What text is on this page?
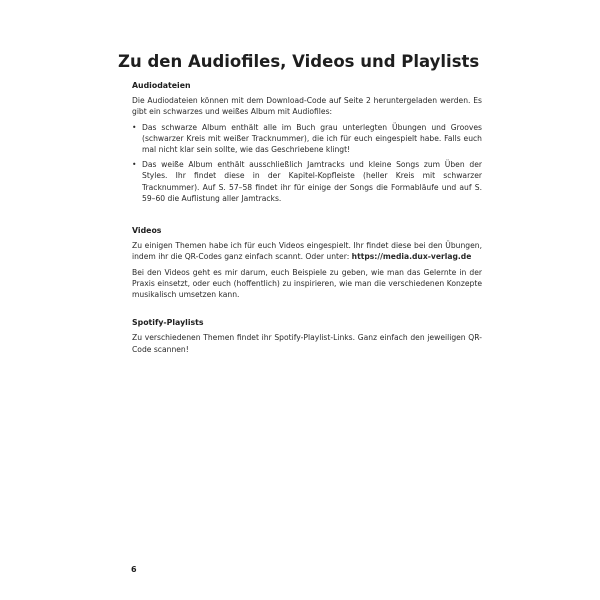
Zu den Audiofiles, Videos und Playlists
Audiodateien

Die Audiodateien können mit dem Download-Code auf Seite 2 heruntergeladen werden. Es gibt ein schwarzes und weißes Album mit Audiofiles:

• Das schwarze Album enthält alle im Buch grau unterlegten Übungen und Grooves (schwarzer Kreis mit weißer Tracknummer), die ich für euch eingespielt habe. Falls euch mal nicht klar sein sollte, wie das Geschriebene klingt!
• Das weiße Album enthält ausschließlich Jamtracks und kleine Songs zum Üben der Styles. Ihr findet diese in der Kapitel-Kopfleiste (heller Kreis mit schwarzer Tracknummer). Auf S. 57–58 findet ihr für einige der Songs die Formabläufe und auf S. 59–60 die Auflistung aller Jamtracks.
Videos

Zu einigen Themen habe ich für euch Videos eingespielt. Ihr findet diese bei den Übungen, indem ihr die QR-Codes ganz einfach scannt. Oder unter: https://media.dux-verlag.de

Bei den Videos geht es mir darum, euch Beispiele zu geben, wie man das Gelernte in der Praxis einsetzt, oder euch (hoffentlich) zu inspirieren, wie man die verschiedenen Konzepte musikalisch umsetzen kann.

Spotify-Playlists

Zu verschiedenen Themen findet ihr Spotify-Playlist-Links. Ganz einfach den jeweiligen QR-Code scannen!

6
